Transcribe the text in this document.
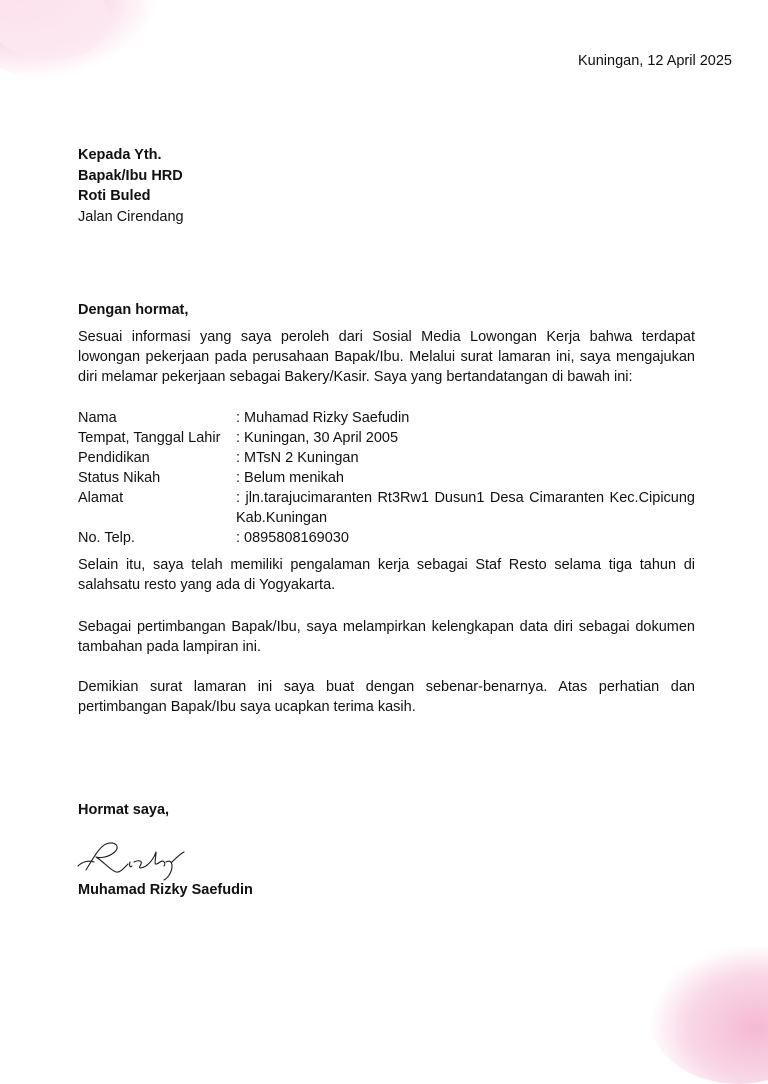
Kuningan, 12 April 2025
Kepada Yth.
Bapak/Ibu HRD
Roti Buled
Jalan Cirendang
Dengan hormat,
Sesuai informasi yang saya peroleh dari Sosial Media Lowongan Kerja bahwa terdapat lowongan pekerjaan pada perusahaan Bapak/Ibu. Melalui surat lamaran ini, saya mengajukan diri melamar pekerjaan sebagai Bakery/Kasir. Saya yang bertandatangan di bawah ini:
Nama	: Muhamad Rizky Saefudin
Tempat, Tanggal Lahir	: Kuningan, 30 April 2005
Pendidikan	: MTsN 2 Kuningan
Status Nikah	: Belum menikah
Alamat	: jln.tarajucimaranten Rt3Rw1 Dusun1 Desa Cimaranten Kec.Cipicung Kab.Kuningan
No. Telp.	: 0895808169030
Selain itu, saya telah memiliki pengalaman kerja sebagai Staf Resto selama tiga tahun di salahsatu resto yang ada di Yogyakarta.
Sebagai pertimbangan Bapak/Ibu, saya melampirkan kelengkapan data diri sebagai dokumen tambahan pada lampiran ini.
Demikian surat lamaran ini saya buat dengan sebenar-benarnya. Atas perhatian dan pertimbangan Bapak/Ibu saya ucapkan terima kasih.
Hormat saya,
Muhamad Rizky Saefudin
